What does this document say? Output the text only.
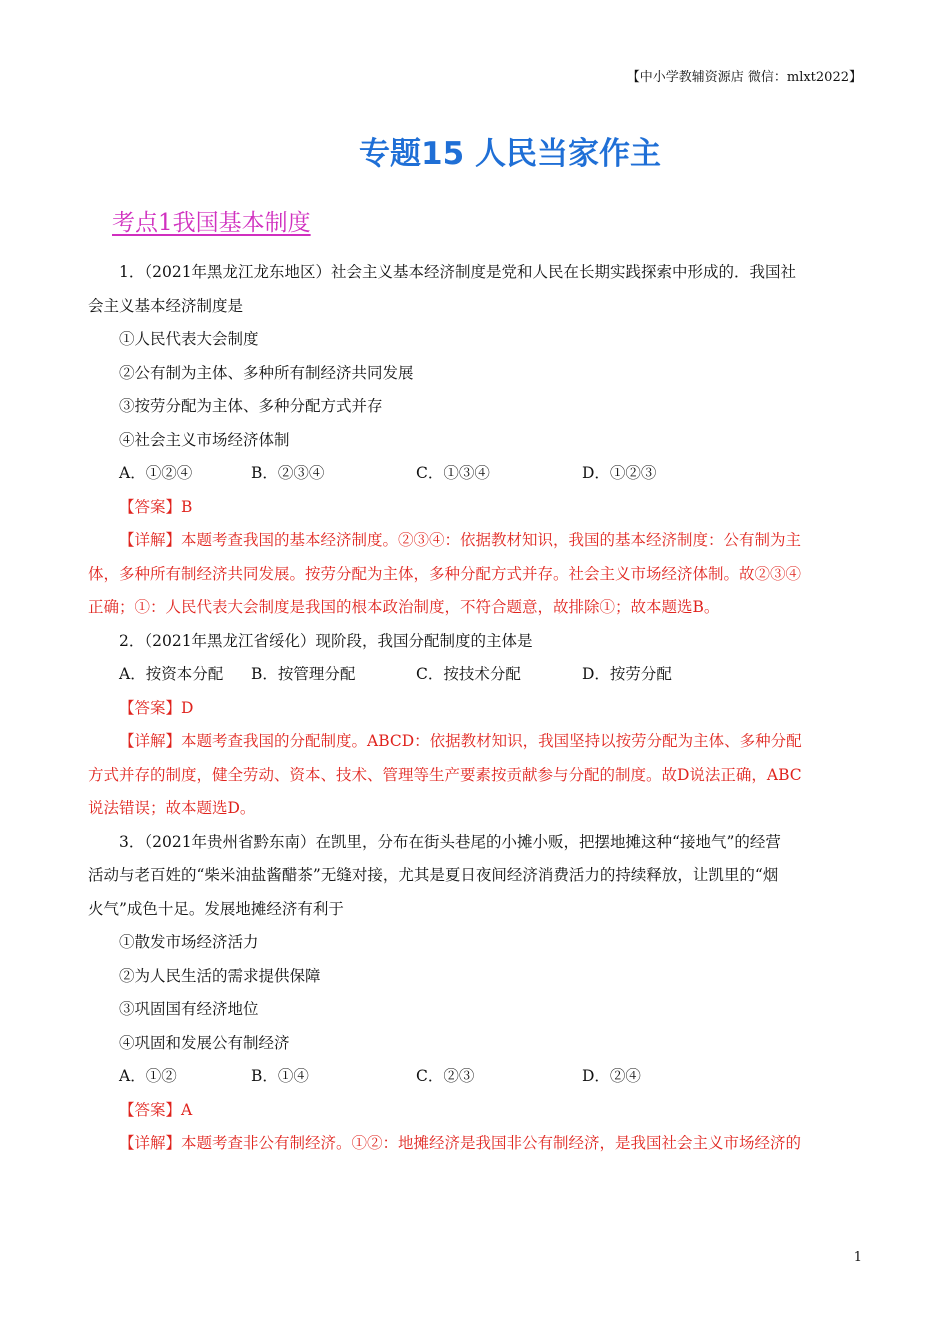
【中小学教辅资源店 微信：mlxt2022】
专题15 人民当家作主
考点1我国基本制度
1．（2021年黑龙江龙东地区）社会主义基本经济制度是党和人民在长期实践探索中形成的．我国社
会主义基本经济制度是
①人民代表大会制度
②公有制为主体、多种所有制经济共同发展
③按劳分配为主体、多种分配方式并存
④社会主义市场经济体制
A．①②④	B．②③④	C．①③④	D．①②③
【答案】B
【详解】本题考查我国的基本经济制度。②③④：依据教材知识，我国的基本经济制度：公有制为主
体，多种所有制经济共同发展。按劳分配为主体，多种分配方式并存。社会主义市场经济体制。故②③④
正确；①：人民代表大会制度是我国的根本政治制度，不符合题意，故排除①；故本题选B。
2．（2021年黑龙江省绥化）现阶段，我国分配制度的主体是
A．按资本分配 B．按管理分配	C．按技术分配	D．按劳分配
【答案】D
【详解】本题考查我国的分配制度。ABCD：依据教材知识，我国坚持以按劳分配为主体、多种分配
方式并存的制度，健全劳动、资本、技术、管理等生产要素按贡献参与分配的制度。故D说法正确，ABC
说法错误；故本题选D。
3．（2021年贵州省黔东南）在凯里，分布在街头巷尾的小摊小贩，把摆地摊这种“接地气”的经营
活动与老百姓的“柴米油盐酱醋茶”无缝对接，尤其是夏日夜间经济消费活力的持续释放，让凯里的“烟
火气”成色十足。发展地摊经济有利于
①散发市场经济活力
②为人民生活的需求提供保障
③巩固国有经济地位
④巩固和发展公有制经济
A．①②	B．①④	C．②③	D．②④
【答案】A
【详解】本题考查非公有制经济。①②：地摊经济是我国非公有制经济，是我国社会主义市场经济的
1
